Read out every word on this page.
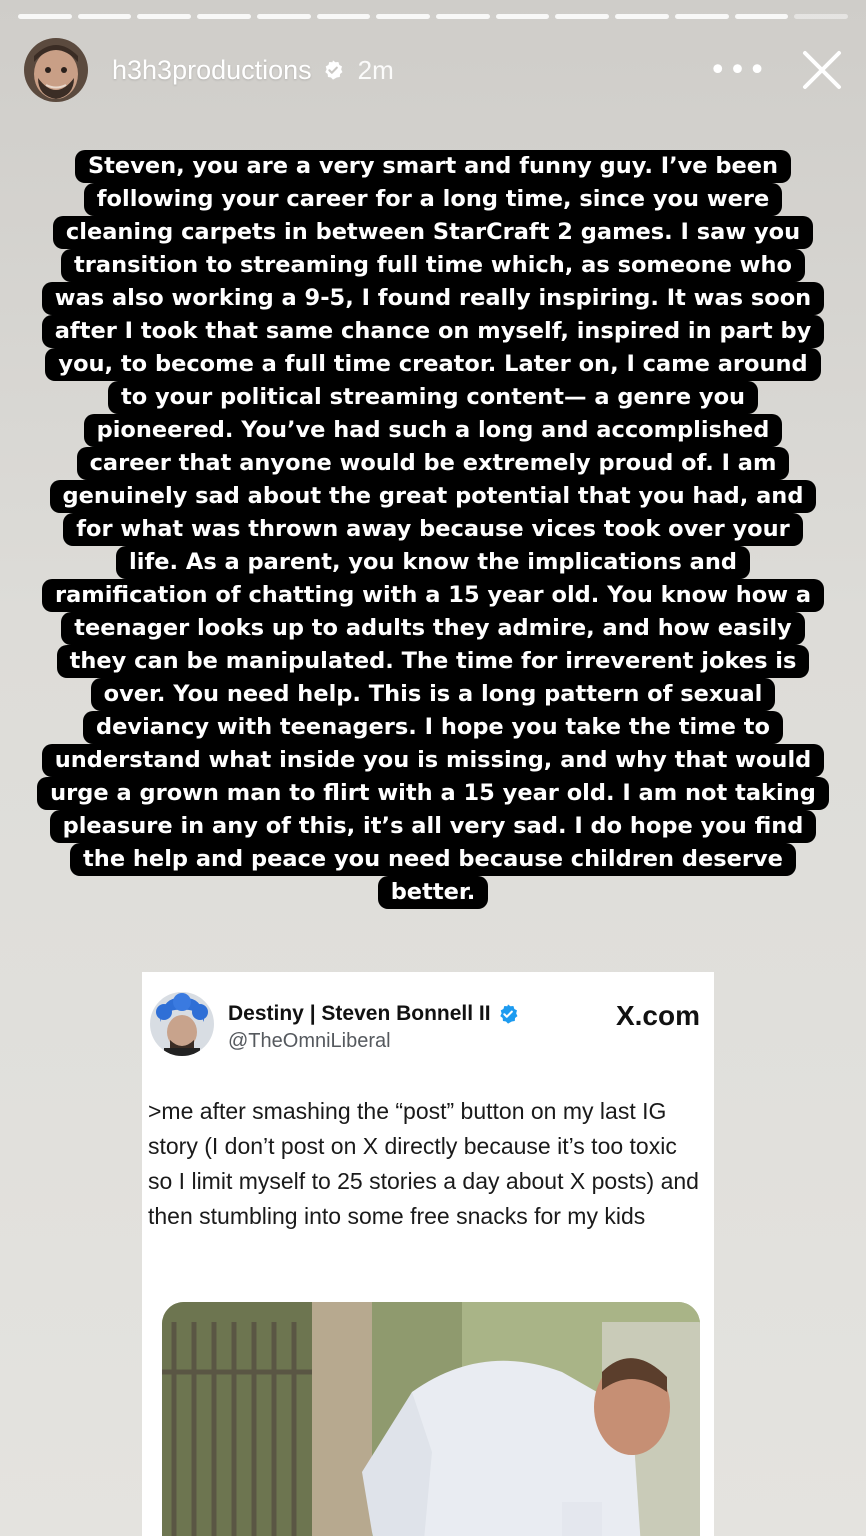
h3h3productions 2m	•••
Steven, you are a very smart and funny guy. I’ve been
following your career for a long time, since you were
cleaning carpets in between StarCraft 2 games. I saw you
transition to streaming full time which, as someone who
was also working a 9-5, I found really inspiring. It was soon
after I took that same chance on myself, inspired in part by
you, to become a full time creator. Later on, I came around
to your political streaming content— a genre you
pioneered. You’ve had such a long and accomplished
career that anyone would be extremely proud of. I am
genuinely sad about the great potential that you had, and
for what was thrown away because vices took over your
life. As a parent, you know the implications and
ramification of chatting with a 15 year old. You know how a
teenager looks up to adults they admire, and how easily
they can be manipulated. The time for irreverent jokes is
over. You need help. This is a long pattern of sexual
deviancy with teenagers. I hope you take the time to
understand what inside you is missing, and why that would
urge a grown man to flirt with a 15 year old. I am not taking
pleasure in any of this, it’s all very sad. I do hope you find
the help and peace you need because children deserve
better.
Destiny | Steven Bonnell II
@TheOmniLiberal
X.com
>me after smashing the “post” button on my last IG story (I don’t post on X directly because it’s too toxic so I limit myself to 25 stories a day about X posts) and then stumbling into some free snacks for my kids
